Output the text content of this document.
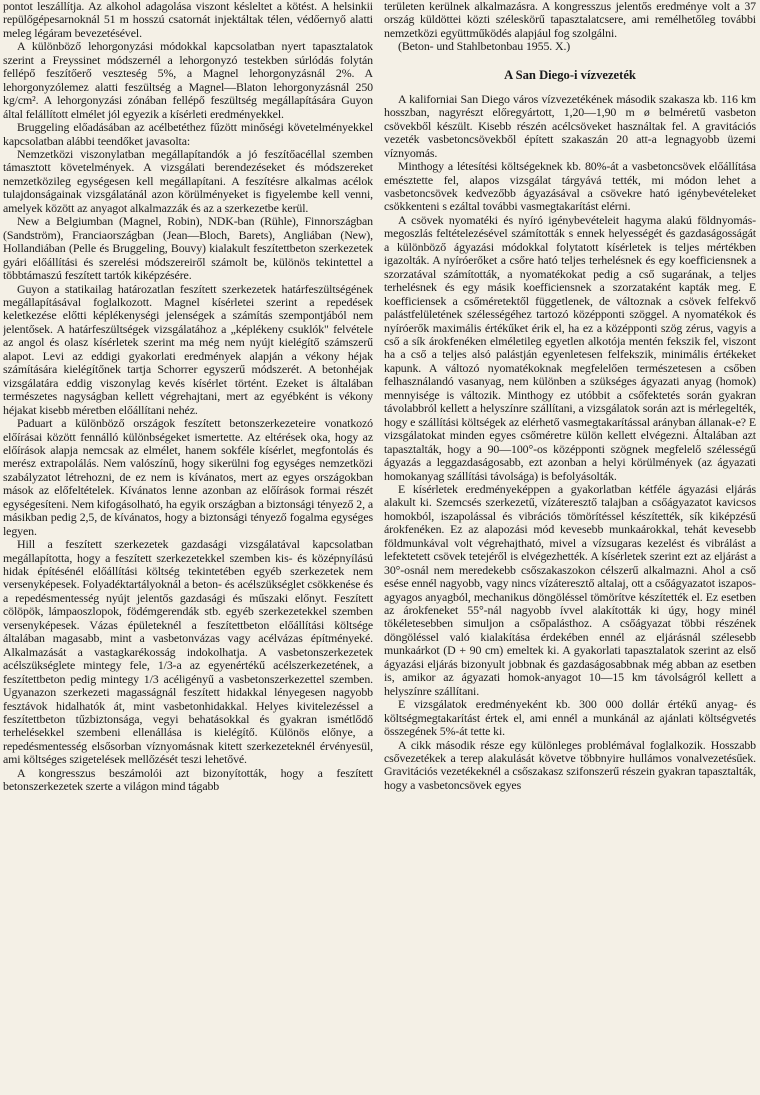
pontot leszállítja. Az alkohol adagolása viszont késleltet a kötést. A helsinkii repülőgépesarnoknál 51 m hosszú csatornát injektáltak télen, védőernyő alatti meleg légáram bevezetésével.

A különböző lehorgonyzási módokkal kapcsolatban nyert tapasztalatok szerint a Freyssinet módszernél a lehorgonyzó testekben súrlódás folytán fellépő feszítőerő veszteség 5%, a Magnel lehorgonyzásnál 2%. A lehorgonyzólemez alatti feszültség a Magnel—Blaton lehorgonyzásnál 250 kg/cm². A lehorgonyzási zónában fellépő feszültség megállapítására Guyon által felállított elmélet jól egyezik a kísérleti eredményekkel.

Bruggeling előadásában az acélbetéthez fűzött minőségi követelményekkel kapcsolatban alábbi teendőket javasolta:

Nemzetközi viszonylatban megállapítandók a jó feszítőacéllal szemben támasztott követelmények. A vizsgálati berendezéseket és módszereket nemzetközileg egységesen kell megállapítani. A feszítésre alkalmas acélok tulajdonságainak vizsgálatánál azon körülményeket is figyelembe kell venni, amelyek között az anyagot alkalmazzák és az a szerkezetbe kerül.

New a Belgiumban (Magnel, Robin), NDK-ban (Rühle), Finnországban (Sandström), Franciaországban (Jean—Bloch, Barets), Angliában (New), Hollandiában (Pelle és Bruggeling, Bouvy) kialakult feszítettbeton szerkezetek gyári előállítási és szerelési módszereiről számolt be, különös tekintettel a többtámaszú feszített tartók kiképzésére.

Guyon a statikailag határozatlan feszített szerkezetek határfeszültségének megállapításával foglalkozott. Magnel kísérletei szerint a repedések keletkezése előtti képlékenységi jelenségek a számítás szempontjából nem jelentősek. A határfeszültségek vizsgálatához a „képlékeny csuklók" felvétele az angol és olasz kísérletek szerint ma még nem nyújt kielégítő számszerű alapot. Levi az eddigi gyakorlati eredmények alapján a vékony héjak számítására kielégítőnek tartja Schorrer egyszerű módszerét. A betonhéjak vizsgálatára eddig viszonylag kevés kísérlet történt. Ezeket is általában természetes nagyságban kellett végrehajtani, mert az egyébként is vékony héjakat kisebb méretben előállítani nehéz.

Paduart a különböző országok feszített betonszerkezeteire vonatkozó előírásai között fennálló különbségeket ismertette. Az eltérések oka, hogy az előírások alapja nemcsak az elmélet, hanem sokféle kísérlet, megfontolás és merész extrapolálás. Nem valószínű, hogy sikerülni fog egységes nemzetközi szabályzatot létrehozni, de ez nem is kívánatos, mert az egyes országokban mások az előfeltételek. Kívánatos lenne azonban az előírások formai részét egységesíteni. Nem kifogásolható, ha egyik országban a biztonsági tényező 2, a másikban pedig 2,5, de kívánatos, hogy a biztonsági tényező fogalma egységes legyen.

Hill a feszített szerkezetek gazdasági vizsgálatával kapcsolatban megállapította, hogy a feszített szerkezetekkel szemben kis- és középnyílású hidak építésénél előállítási költség tekintetében egyéb szerkezetek nem versenyképesek. Folyadéktartályoknál a beton- és acélszükséglet csökkenése és a repedésmentesség nyújt jelentős gazdasági és műszaki előnyt. Feszített cölöpök, lámpaoszlopok, födémgerendák stb. egyéb szerkezetekkel szemben versenyképesek. Vázas épületeknél a feszítettbeton előállítási költsége általában magasabb, mint a vasbetonvázas vagy acélvázas építményeké. Alkalmazását a vastagkarékosság indokolhatja. A vasbetonszerkezetek acélszükséglete mintegy fele, 1/3-a az egyenértékű acélszerkezetének, a feszítettbeton pedig mintegy 1/3 acéligényű a vasbetonszerkezettel szemben. Ugyanazon szerkezeti magasságnál feszített hidakkal lényegesen nagyobb fesztávok hidalhatók át, mint vasbetonhidakkal. Helyes kivitelezéssel a feszítettbeton tűzbiztonsága, vegyi behatásokkal és gyakran ismétlődő terhelésekkel szembeni ellenállása is kielégítő. Különös előnye, a repedésmentesség elsősorban víznyomásnak kitett szerkezeteknél érvényesül, ami költséges szigetelések mellőzését teszi lehetővé.

A kongresszus beszámolói azt bizonyították, hogy a feszített betonszerkezetek szerte a világon mind tágabb

területen kerülnek alkalmazásra. A kongresszus jelentős eredménye volt a 37 ország küldöttei közti széleskörű tapasztalatcsere, ami remélhetőleg további nemzetközi együttműködés alapjául fog szolgálni.

(Beton- und Stahlbetonbau 1955. X.)

A San Diego-i vízvezeték

A kaliforniai San Diego város vízvezetékének második szakasza kb. 116 km hosszban, nagyrészt előregyártott, 1,20—1,90 m ø belméretű vasbeton csövekből készült. Kisebb részén acélcsöveket használtak fel. A gravitációs vezeték vasbetoncsövekből épített szakaszán 20 att-a legnagyobb üzemi víznyomás.

Minthogy a létesítési költségeknek kb. 80%-át a vasbetoncsövek előállítása emésztette fel, alapos vizsgálat tárgyává tették, mi módon lehet a vasbetoncsövek kedvezőbb ágyazásával a csövekre ható igénybevételeket csökkenteni s ezáltal további vasmegtakarítást elérni.

A csövek nyomatéki és nyíró igénybevételeit hagyma alakú földnyomás-megoszlás feltételezésével számították s ennek helyességét és gazdaságosságát a különböző ágyazási módokkal folytatott kísérletek is teljes mértékben igazolták. A nyíróerőket a csőre ható teljes terhelésnek és egy koefficiensnek a szorzatával számították, a nyomatékokat pedig a cső sugarának, a teljes terhelésnek és egy másik koefficiensnek a szorzataként kapták meg. E koefficiensek a csőméretektől függetlenek, de változnak a csövek felfekvő palástfelületének szélességéhez tartozó középponti szöggel. A nyomatékok és nyíróerők maximális értékűket érik el, ha ez a középponti szög zérus, vagyis a cső a sík árokfenéken elméletileg egyetlen alkotója mentén fekszik fel, viszont ha a cső a teljes alsó palástján egyenletesen felfekszik, minimális értékeket kapunk. A változó nyomatékoknak megfelelően természetesen a csőben felhasználandó vasanyag, nem különben a szükséges ágyazati anyag (homok) mennyisége is változik. Minthogy ez utóbbit a csőfektetés során gyakran távolabbról kellett a helyszínre szállítani, a vizsgálatok során azt is mérlegelték, hogy e szállítási költségek az elérhető vasmegtakarítással arányban állanak-e? E vizsgálatokat minden egyes csőméretre külön kellett elvégezni. Általában azt tapasztalták, hogy a 90—100°-os középponti szögnek megfelelő szélességű ágyazás a leggazdaságosabb, ezt azonban a helyi körülmények (az ágyazati homokanyag szállítási távolsága) is befolyásolták.

E kísérletek eredményeképpen a gyakorlatban kétféle ágyazási eljárás alakult ki. Szemcsés szerkezetű, vízáteresztő talajban a csőágyazatot kavicsos homokból, iszapolással és vibrációs tömörítéssel készítették, sík kiképzésű árokfenéken. Ez az alapozási mód kevesebb munkaárokkal, tehát kevesebb földmunkával volt végrehajtható, mivel a vízsugaras kezelést és vibrálást a lefektetett csövek tetejéről is elvégezhették. A kísérletek szerint ezt az eljárást a 30°-osnál nem meredekebb csőszakaszokon célszerű alkalmazni. Ahol a cső esése ennél nagyobb, vagy nincs vízáteresztő altalaj, ott a csőágyazatot iszapos-agyagos anyagból, mechanikus döngöléssel tömörítve készítették el. Ez esetben az árokfeneket 55°-nál nagyobb ívvel alakították ki úgy, hogy minél tökéletesebben simuljon a csőpalásthoz. A csőágyazat többi részének döngöléssel való kialakítása érdekében ennél az eljárásnál szélesebb munkaárkot (D + 90 cm) emeltek ki. A gyakorlati tapasztalatok szerint az első ágyazási eljárás bizonyult jobbnak és gazdaságosabbnak még abban az esetben is, amikor az ágyazati homok-anyagot 10—15 km távolságról kellett a helyszínre szállítani.

E vizsgálatok eredményeként kb. 300 000 dollár értékű anyag- és költségmegtakarítást értek el, ami ennél a munkánál az ajánlati költségvetés összegének 5%-át tette ki.

A cikk második része egy különleges problémával foglalkozik. Hosszabb csővezetékek a terep alakulását követve többnyire hullámos vonalvezetésűek. Gravitációs vezetékeknél a csőszakasz szifonszerű részein gyakran tapasztalták, hogy a vasbetoncsövek egyes
